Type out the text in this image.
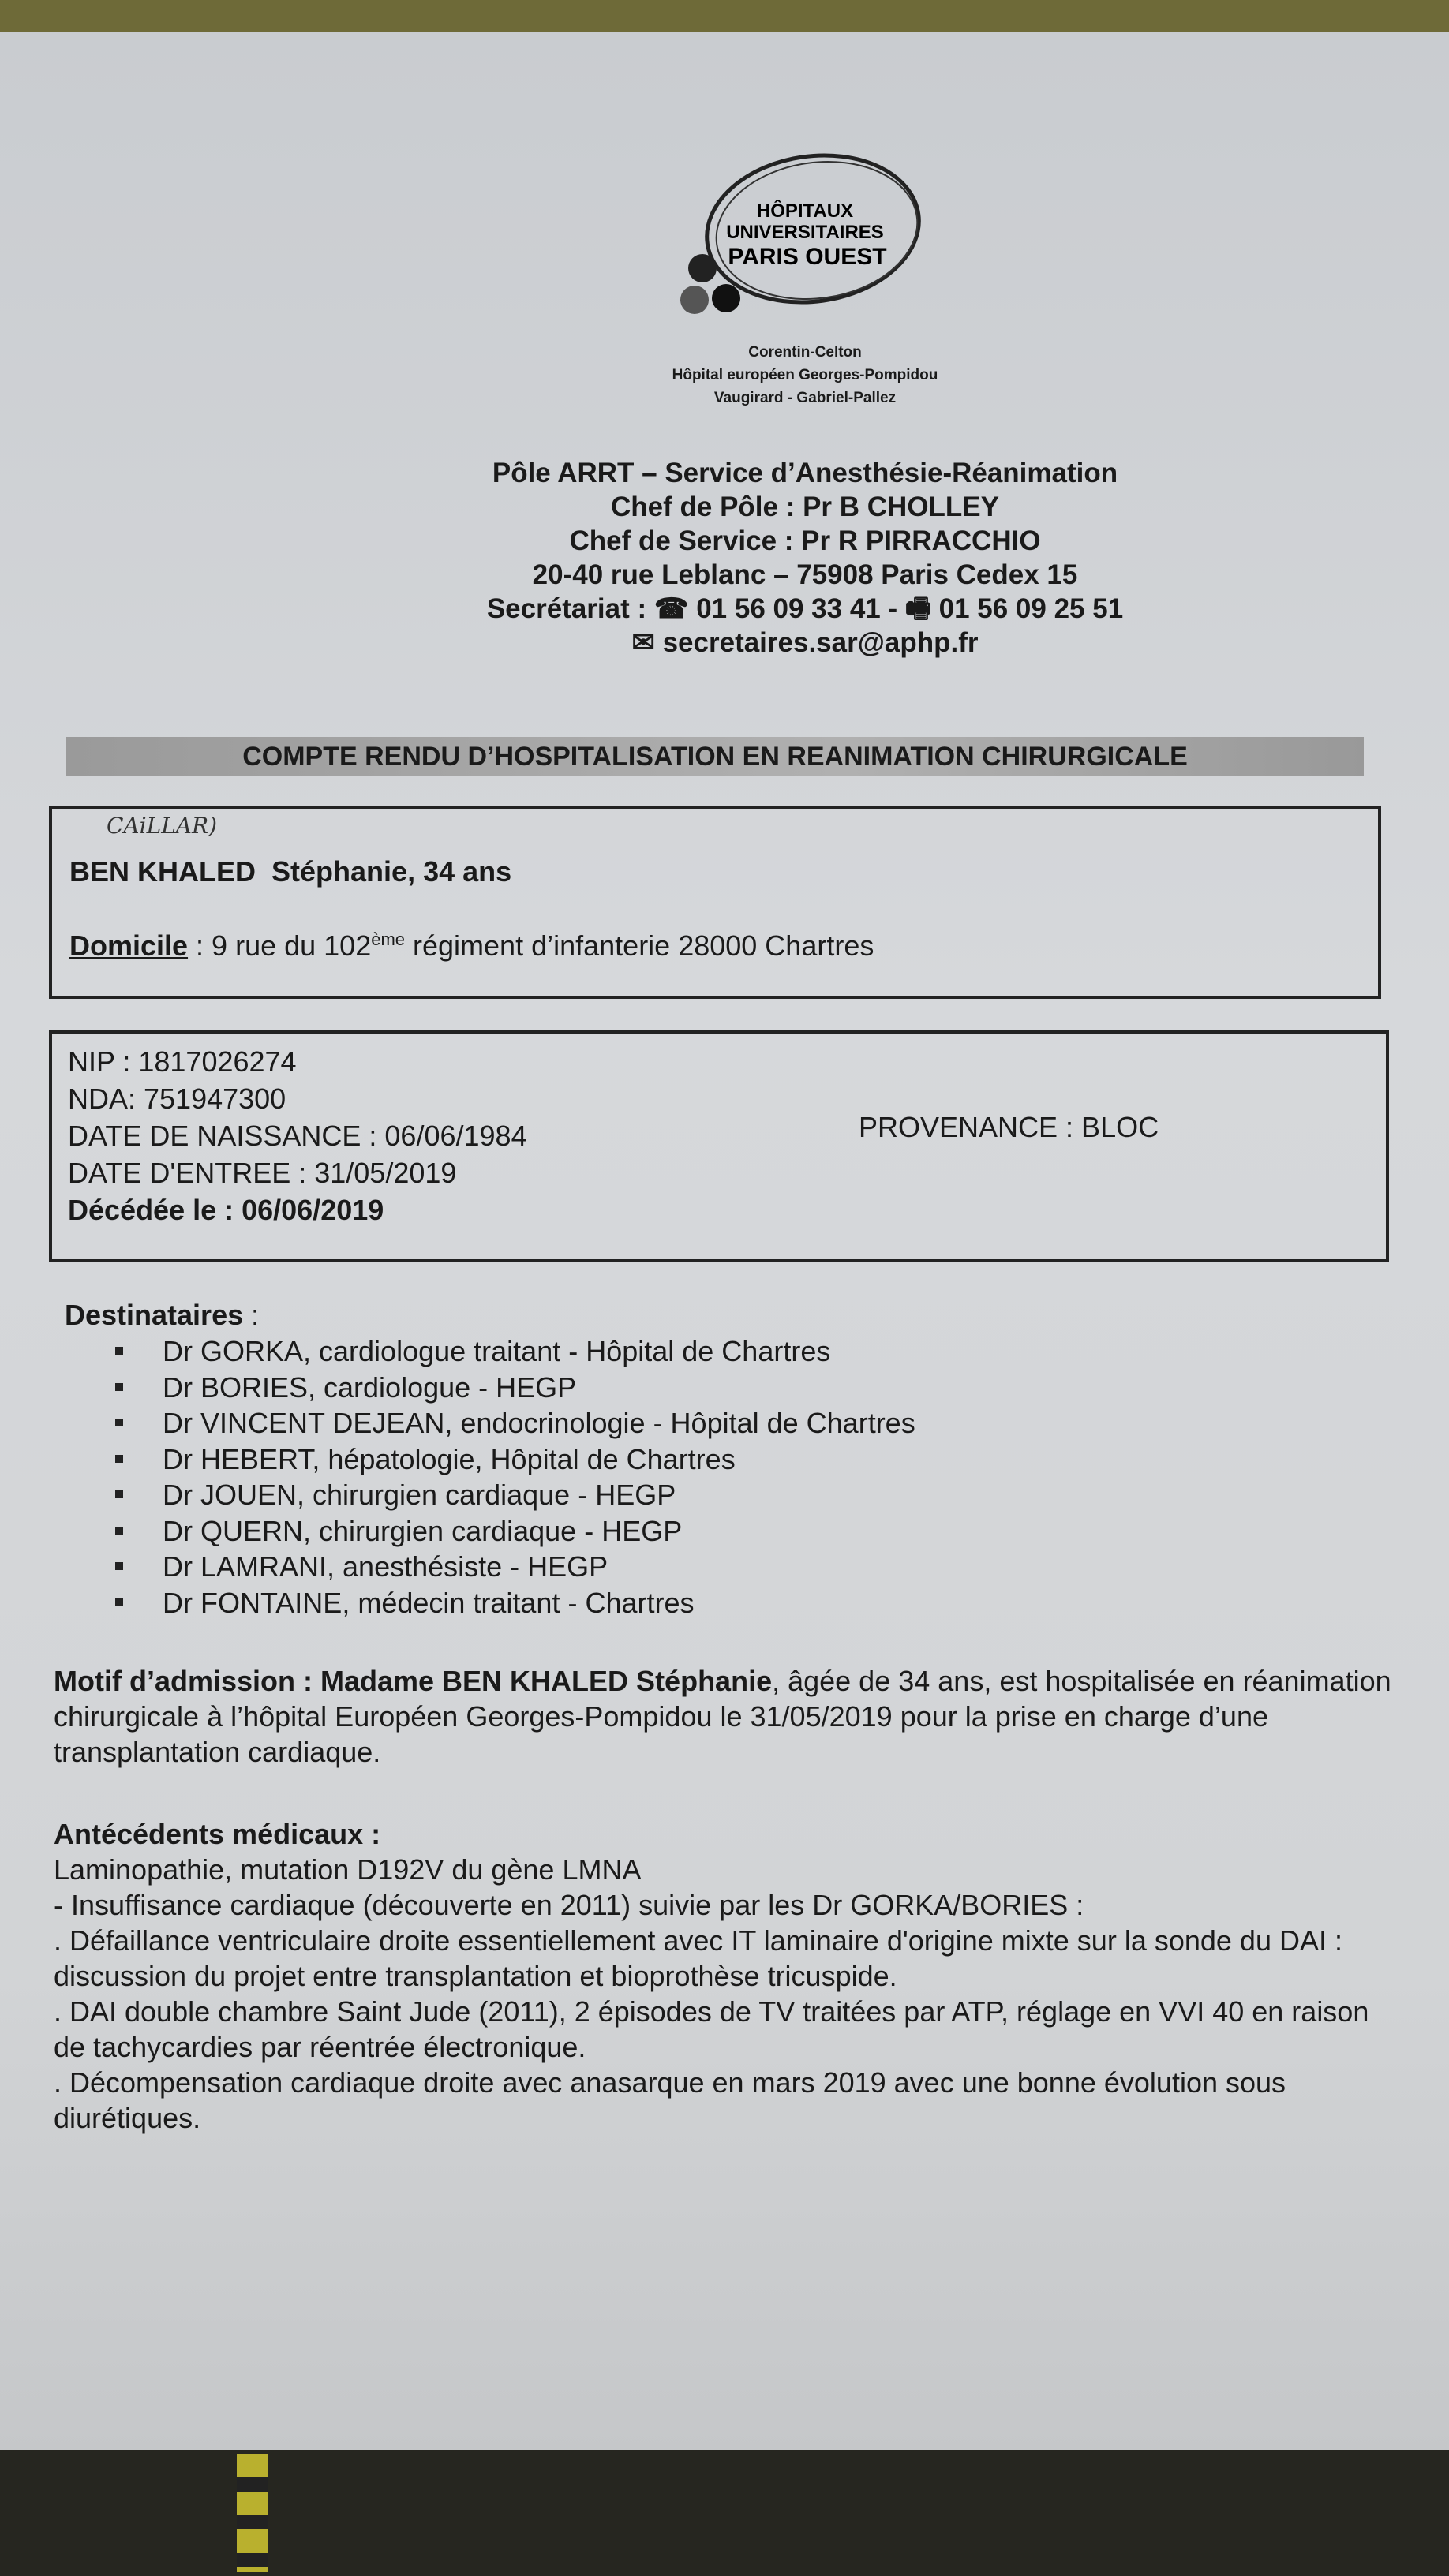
HÔPITAUX
UNIVERSITAIRES
PARIS OUEST
Corentin-Celton
Hôpital européen Georges-Pompidou
Vaugirard - Gabriel-Pallez
Pôle ARRT – Service d’Anesthésie-Réanimation
Chef de Pôle : Pr B CHOLLEY
Chef de Service : Pr R PIRRACCHIO
20-40 rue Leblanc – 75908 Paris Cedex 15
Secrétariat : ☎ 01 56 09 33 41 - 🖷 01 56 09 25 51
✉ secretaires.sar@aphp.fr
COMPTE RENDU D’HOSPITALISATION EN REANIMATION CHIRURGICALE
CAiLLAR)
BEN KHALED Stéphanie, 34 ans
Domicile : 9 rue du 102ème régiment d’infanterie 28000 Chartres
NIP : 1817026274
NDA: 751947300
DATE DE NAISSANCE : 06/06/1984
DATE D'ENTREE : 31/05/2019
Décédée le : 06/06/2019
PROVENANCE : BLOC
Destinataires :
Dr GORKA, cardiologue traitant - Hôpital de Chartres
Dr BORIES, cardiologue - HEGP
Dr VINCENT DEJEAN, endocrinologie - Hôpital de Chartres
Dr HEBERT, hépatologie, Hôpital de Chartres
Dr JOUEN, chirurgien cardiaque - HEGP
Dr QUERN, chirurgien cardiaque - HEGP
Dr LAMRANI, anesthésiste - HEGP
Dr FONTAINE, médecin traitant - Chartres
Motif d’admission : Madame BEN KHALED Stéphanie, âgée de 34 ans, est hospitalisée en réanimation chirurgicale à l’hôpital Européen Georges-Pompidou le 31/05/2019 pour la prise en charge d’une transplantation cardiaque.
Antécédents médicaux :
Laminopathie, mutation D192V du gène LMNA
- Insuffisance cardiaque (découverte en 2011) suivie par les Dr GORKA/BORIES :
. Défaillance ventriculaire droite essentiellement avec IT laminaire d'origine mixte sur la sonde du DAI : discussion du projet entre transplantation et bioprothèse tricuspide.
. DAI double chambre Saint Jude (2011), 2 épisodes de TV traitées par ATP, réglage en VVI 40 en raison de tachycardies par réentrée électronique.
. Décompensation cardiaque droite avec anasarque en mars 2019 avec une bonne évolution sous diurétiques.
